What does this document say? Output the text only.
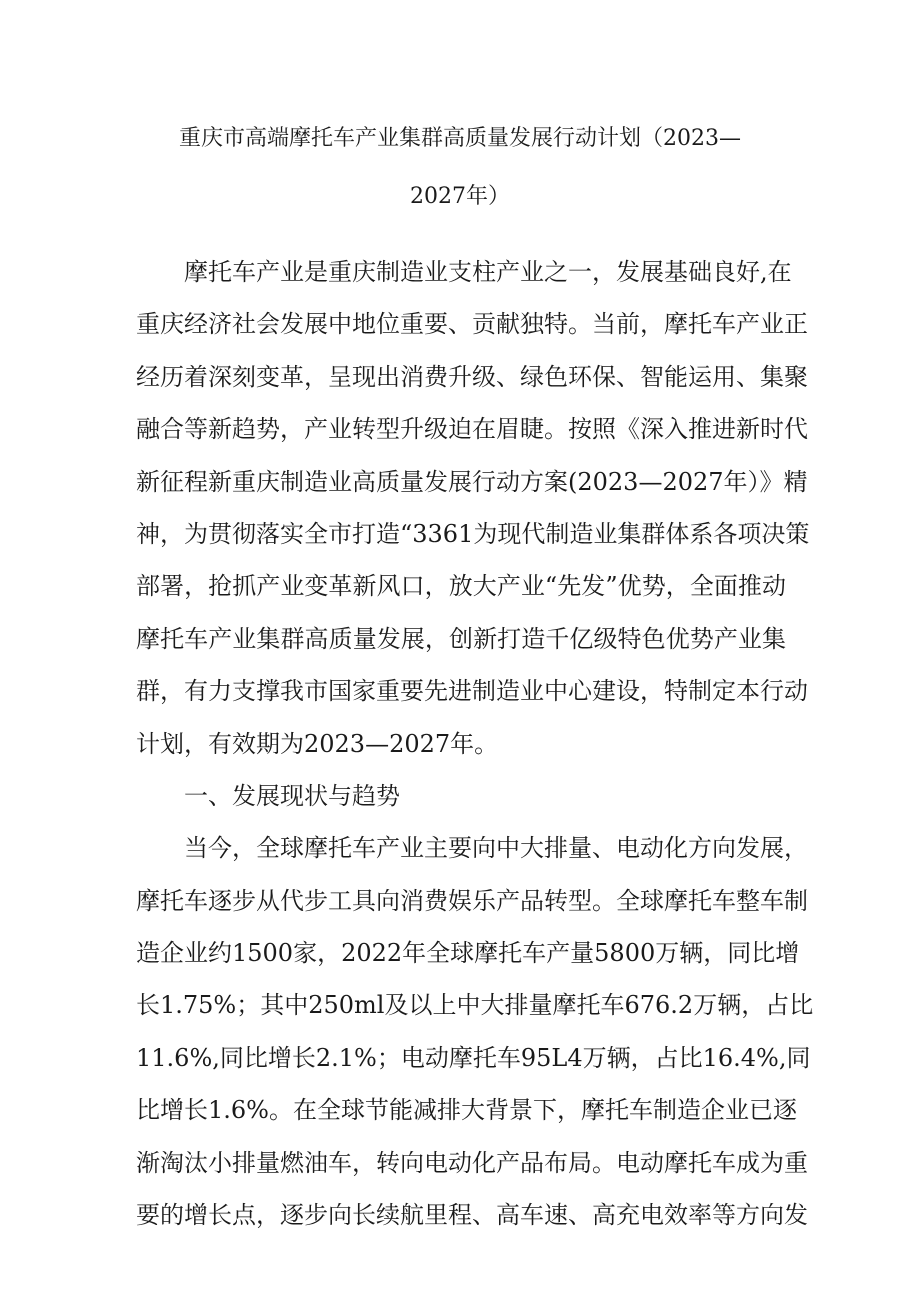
重庆市高端摩托车产业集群高质量发展行动计划（2023—
2027年）
摩托车产业是重庆制造业支柱产业之一，发展基础良好,在
重庆经济社会发展中地位重要、贡献独特。当前，摩托车产业正
经历着深刻变革，呈现出消费升级、绿色环保、智能运用、集聚
融合等新趋势，产业转型升级迫在眉睫。按照《深入推进新时代
新征程新重庆制造业高质量发展行动方案(2023—2027年）》精
神，为贯彻落实全市打造“3361为现代制造业集群体系各项决策
部署，抢抓产业变革新风口，放大产业“先发”优势，全面推动
摩托车产业集群高质量发展，创新打造千亿级特色优势产业集
群，有力支撑我市国家重要先进制造业中心建设，特制定本行动
计划，有效期为2023—2027年。
一、发展现状与趋势
当今，全球摩托车产业主要向中大排量、电动化方向发展，
摩托车逐步从代步工具向消费娱乐产品转型。全球摩托车整车制
造企业约1500家，2022年全球摩托车产量5800万辆，同比增
长1.75%；其中250ml及以上中大排量摩托车676.2万辆，占比
11.6%,同比增长2.1%；电动摩托车95L4万辆，占比16.4%,同
比增长1.6%。在全球节能减排大背景下，摩托车制造企业已逐
渐淘汰小排量燃油车，转向电动化产品布局。电动摩托车成为重
要的增长点，逐步向长续航里程、高车速、高充电效率等方向发
